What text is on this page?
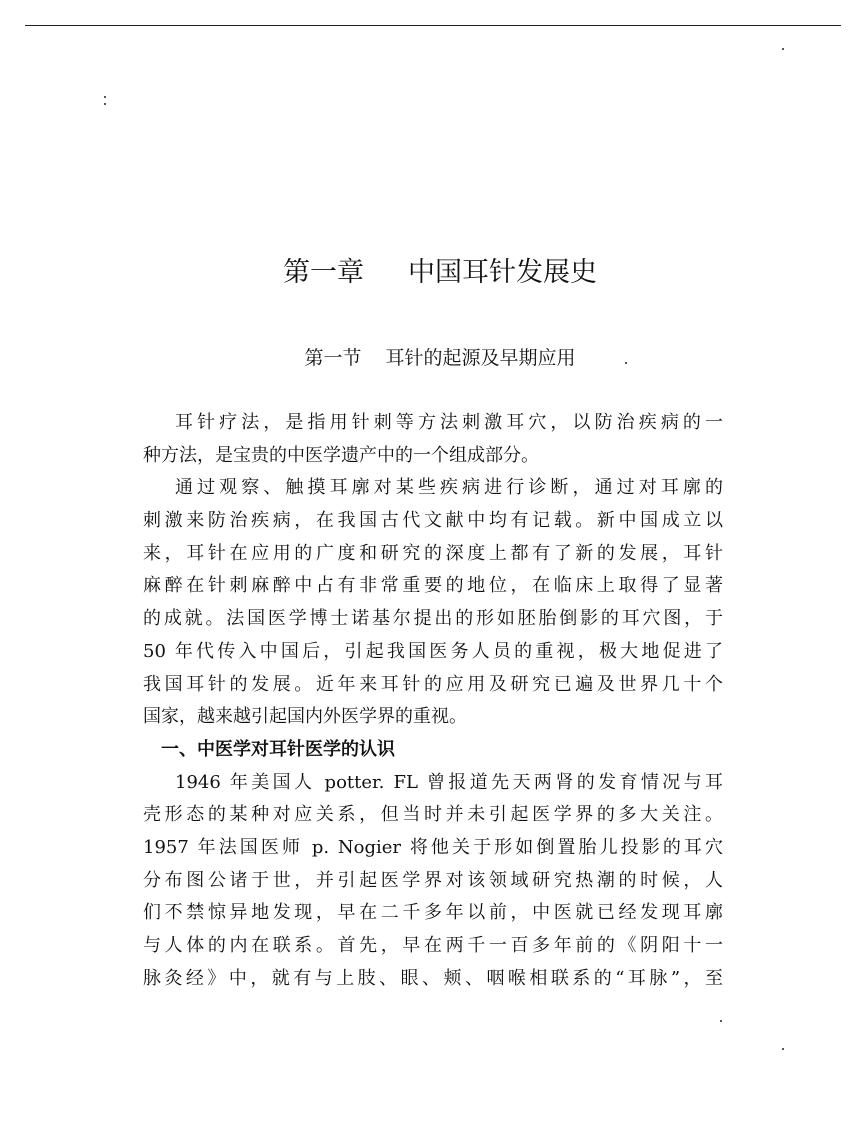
第一章 中国耳针发展史
第一节 耳针的起源及早期应用
耳针疗法，是指用针刺等方法刺激耳穴，以防治疾病的一
种方法，是宝贵的中医学遗产中的一个组成部分。
通过观察、触摸耳廓对某些疾病进行诊断，通过对耳廓的
刺激来防治疾病，在我国古代文献中均有记载。新中国成立以
来，耳针在应用的广度和研究的深度上都有了新的发展，耳针
麻醉在针刺麻醉中占有非常重要的地位，在临床上取得了显著
的成就。法国医学博士诺基尔提出的形如胚胎倒影的耳穴图，于
50 年代传入中国后，引起我国医务人员的重视，极大地促进了
我国耳针的发展。近年来耳针的应用及研究已遍及世界几十个
国家，越来越引起国内外医学界的重视。
一、中医学对耳针医学的认识
1946 年美国人 potter. FL 曾报道先天两肾的发育情况与耳
壳形态的某种对应关系，但当时并未引起医学界的多大关注。
1957 年法国医师 p. Nogier 将他关于形如倒置胎儿投影的耳穴
分布图公诸于世，并引起医学界对该领域研究热潮的时候，人
们不禁惊异地发现，早在二千多年以前，中医就已经发现耳廓
与人体的内在联系。首先，早在两千一百多年前的《阴阳十一
脉灸经》中，就有与上肢、眼、颊、咽喉相联系的“耳脉”，至
